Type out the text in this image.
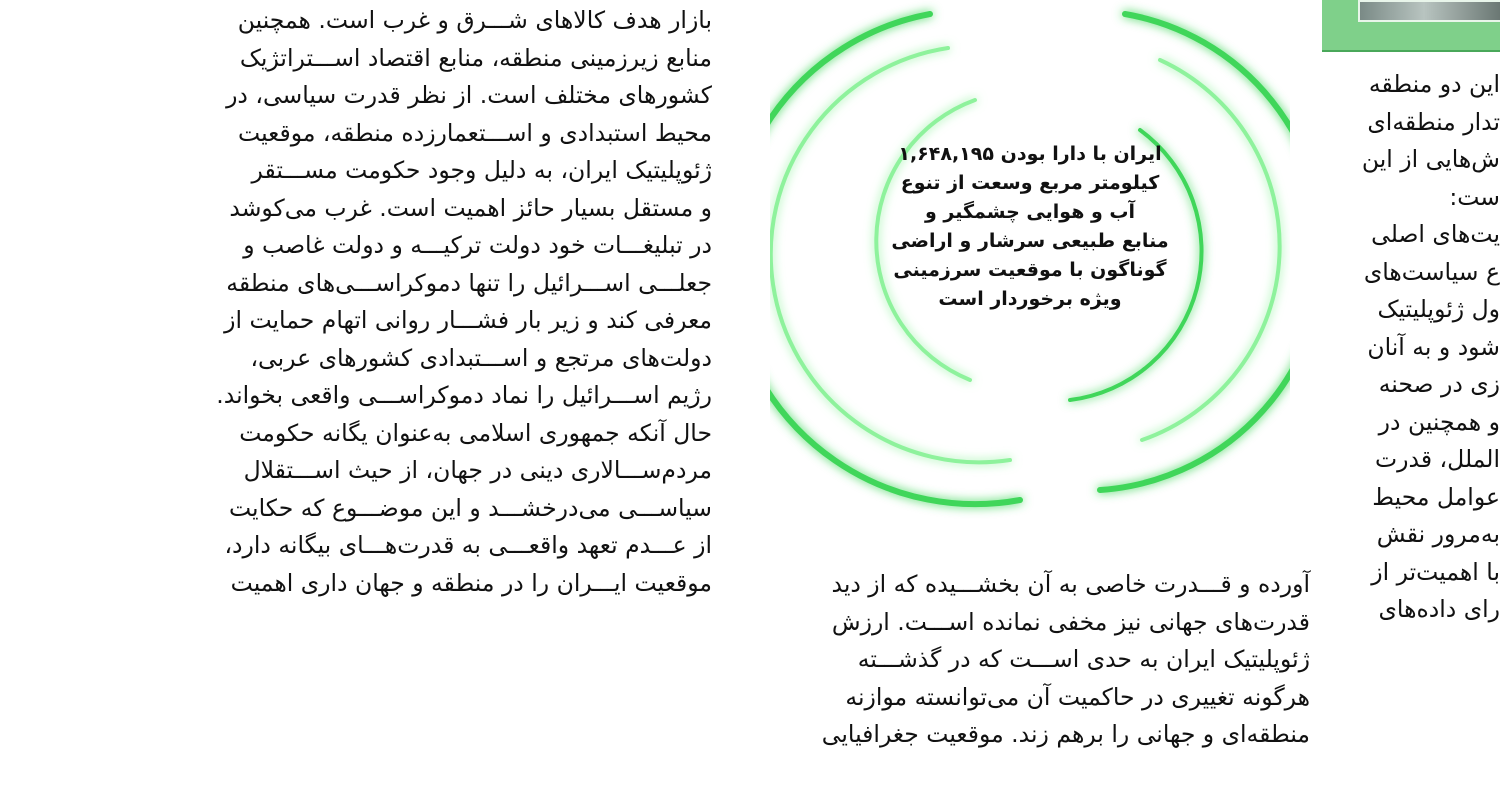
بازار هدف کالاهای شـــرق و غرب است. همچنین
منابع زیرزمینی منطقه، منابع اقتصاد اســـتراتژیک
کشورهای مختلف است. از نظر قدرت سیاسی، در
محیط استبدادی و اســـتعمارزده منطقه، موقعیت
ژئوپلیتیک ایران، به دلیل وجود حکومت مســـتقر
و مستقل بسیار حائز اهمیت است. غرب می‌کوشد
در تبلیغـــات خود دولت ترکیـــه و دولت غاصب و
جعلـــی اســـرائیل را تنها دموکراســـی‌های منطقه
معرفی کند و زیر بار فشـــار روانی اتهام حمایت از
دولت‌های مرتجع و اســـتبدادی کشورهای عربی،
رژیم اســـرائیل را نماد دموکراســـی واقعی بخواند.
حال آنکه جمهوری اسلامی به‌عنوان یگانه حکومت
مردم‌ســـالاری دینی در جهان، از حیث اســـتقلال
سیاســـی می‌درخشـــد و این موضـــوع که حکایت
از عـــدم تعهد واقعـــی به قدرت‌هـــای بیگانه دارد،
موقعیت ایـــران را در منطقه و جهان داری اهمیت	آورده و قـــدرت خاصی به آن بخشـــیده که از دید
قدرت‌های جهانی نیز مخفی نمانده اســـت. ارزش
ژئوپلیتیک ایران به حدی اســـت که در گذشـــته
هرگونه تغییری در حاکمیت آن می‌توانسته موازنه
منطقه‌ای و جهانی را برهم زند. موقعیت جغرافیایی
این دو منطقه
تدار منطقه‌ای
ش‌هایی از این
ست:
یت‌های اصلی
ع سیاست‌های
ول ژئوپلیتیک
شود و به آنان
زی در صحنه
و همچنین در
الملل، قدرت
عوامل محیط
به‌مرور نقش
با اهمیت‌تر از
رای داده‌های
ایران با دارا بودن ۱,۶۴۸,۱۹۵
کیلومتر مربع وسعت از تنوع
آب و هوایی چشمگیر و
منابع طبیعی سرشار و اراضی
گوناگون با موقعیت سرزمینی
ویژه برخوردار است
